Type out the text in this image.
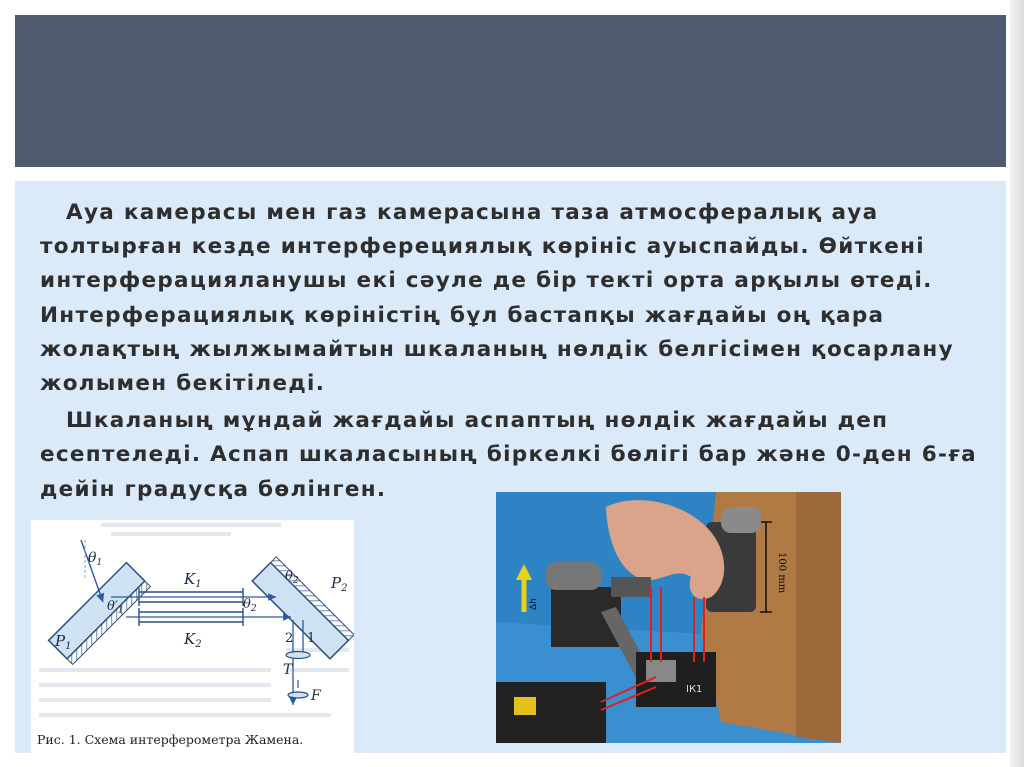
Ауа камерасы мен газ камерасына таза атмосфералық ауа толтырған кезде интерферециялық көрініс ауыспайды. Өйткені интерферацияланушы екі сәуле де бір текті орта арқылы өтеді. Интерферациялық көріністің бұл бастапқы жағдайы оң қара жолақтың жылжымайтын шкаланың нөлдік белгісімен қосарлану жолымен бекітіледі.

Шкаланың мұндай жағдайы аспаптың нөлдік жағдайы деп есептеледі. Аспап шкаласының біркелкі бөлігі бар және 0-ден 6-ға дейін градусқа бөлінген.

$\theta_1$
$\theta'_1$
$\theta_2$
$\theta_2$
$K_1$
$K_2$
$P_1$
$P_2$
2 1
T
F
Рис. 1. Схема интерферометра Жамена.
100 mm
Δh
ІК1
